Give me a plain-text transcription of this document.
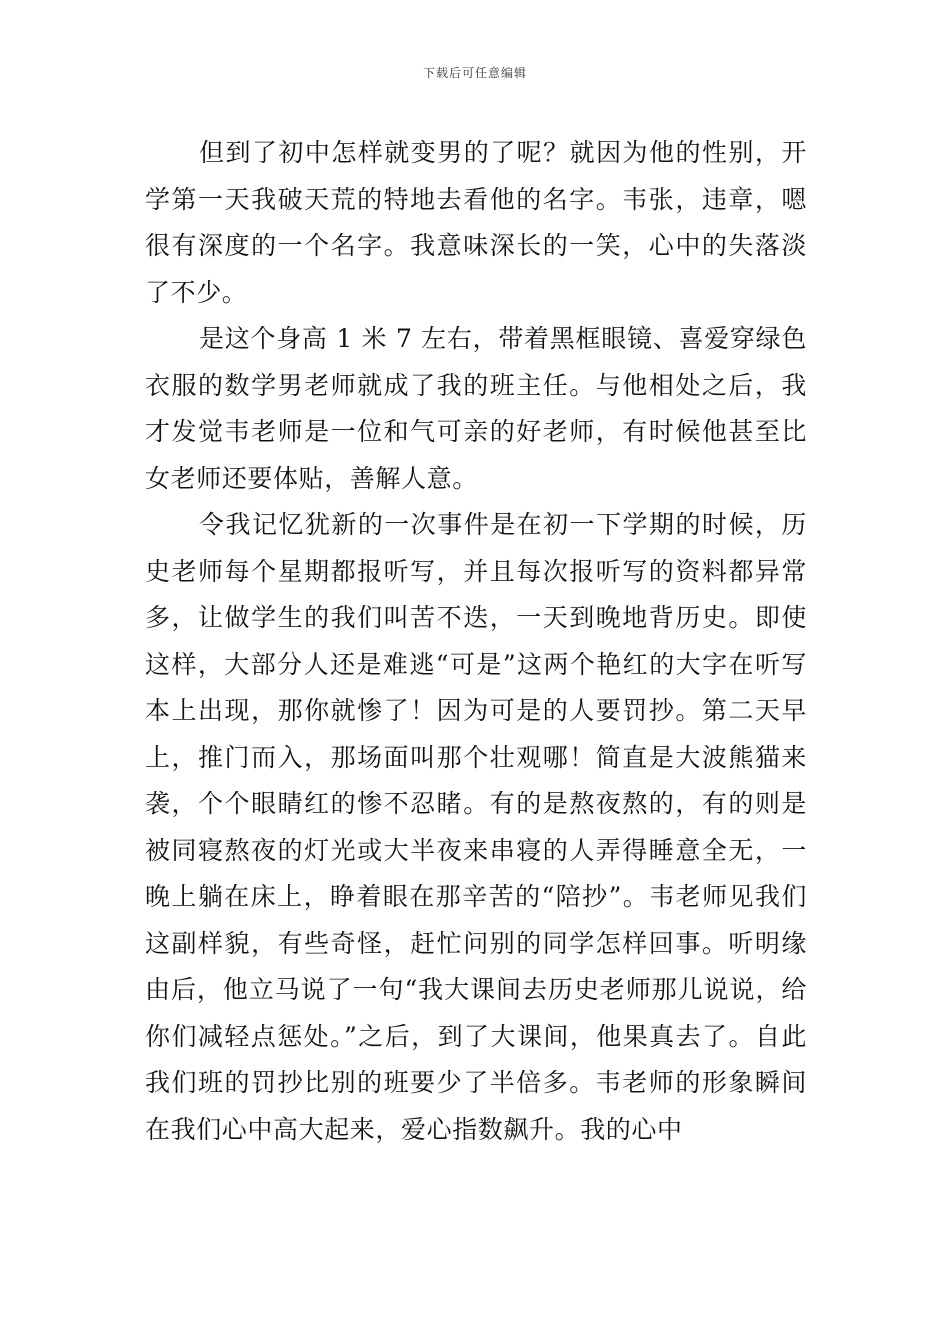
下载后可任意编辑

但到了初中怎样就变男的了呢？就因为他的性别，开学第一天我破天荒的特地去看他的名字。韦张，违章，嗯很有深度的一个名字。我意味深长的一笑，心中的失落淡了不少。

是这个身高 1 米 7 左右，带着黑框眼镜、喜爱穿绿色衣服的数学男老师就成了我的班主任。与他相处之后，我才发觉韦老师是一位和气可亲的好老师，有时候他甚至比女老师还要体贴，善解人意。

令我记忆犹新的一次事件是在初一下学期的时候，历史老师每个星期都报听写，并且每次报听写的资料都异常多，让做学生的我们叫苦不迭，一天到晚地背历史。即使这样，大部分人还是难逃“可是”这两个艳红的大字在听写本上出现，那你就惨了！因为可是的人要罚抄。第二天早上，推门而入，那场面叫那个壮观哪！简直是大波熊猫来袭，个个眼睛红的惨不忍睹。有的是熬夜熬的，有的则是被同寝熬夜的灯光或大半夜来串寝的人弄得睡意全无，一晚上躺在床上，睁着眼在那辛苦的“陪抄”。韦老师见我们这副样貌，有些奇怪，赶忙问别的同学怎样回事。听明缘由后，他立马说了一句“我大课间去历史老师那儿说说，给你们减轻点惩处。”之后，到了大课间，他果真去了。自此我们班的罚抄比别的班要少了半倍多。韦老师的形象瞬间在我们心中高大起来，爱心指数飙升。我的心中
